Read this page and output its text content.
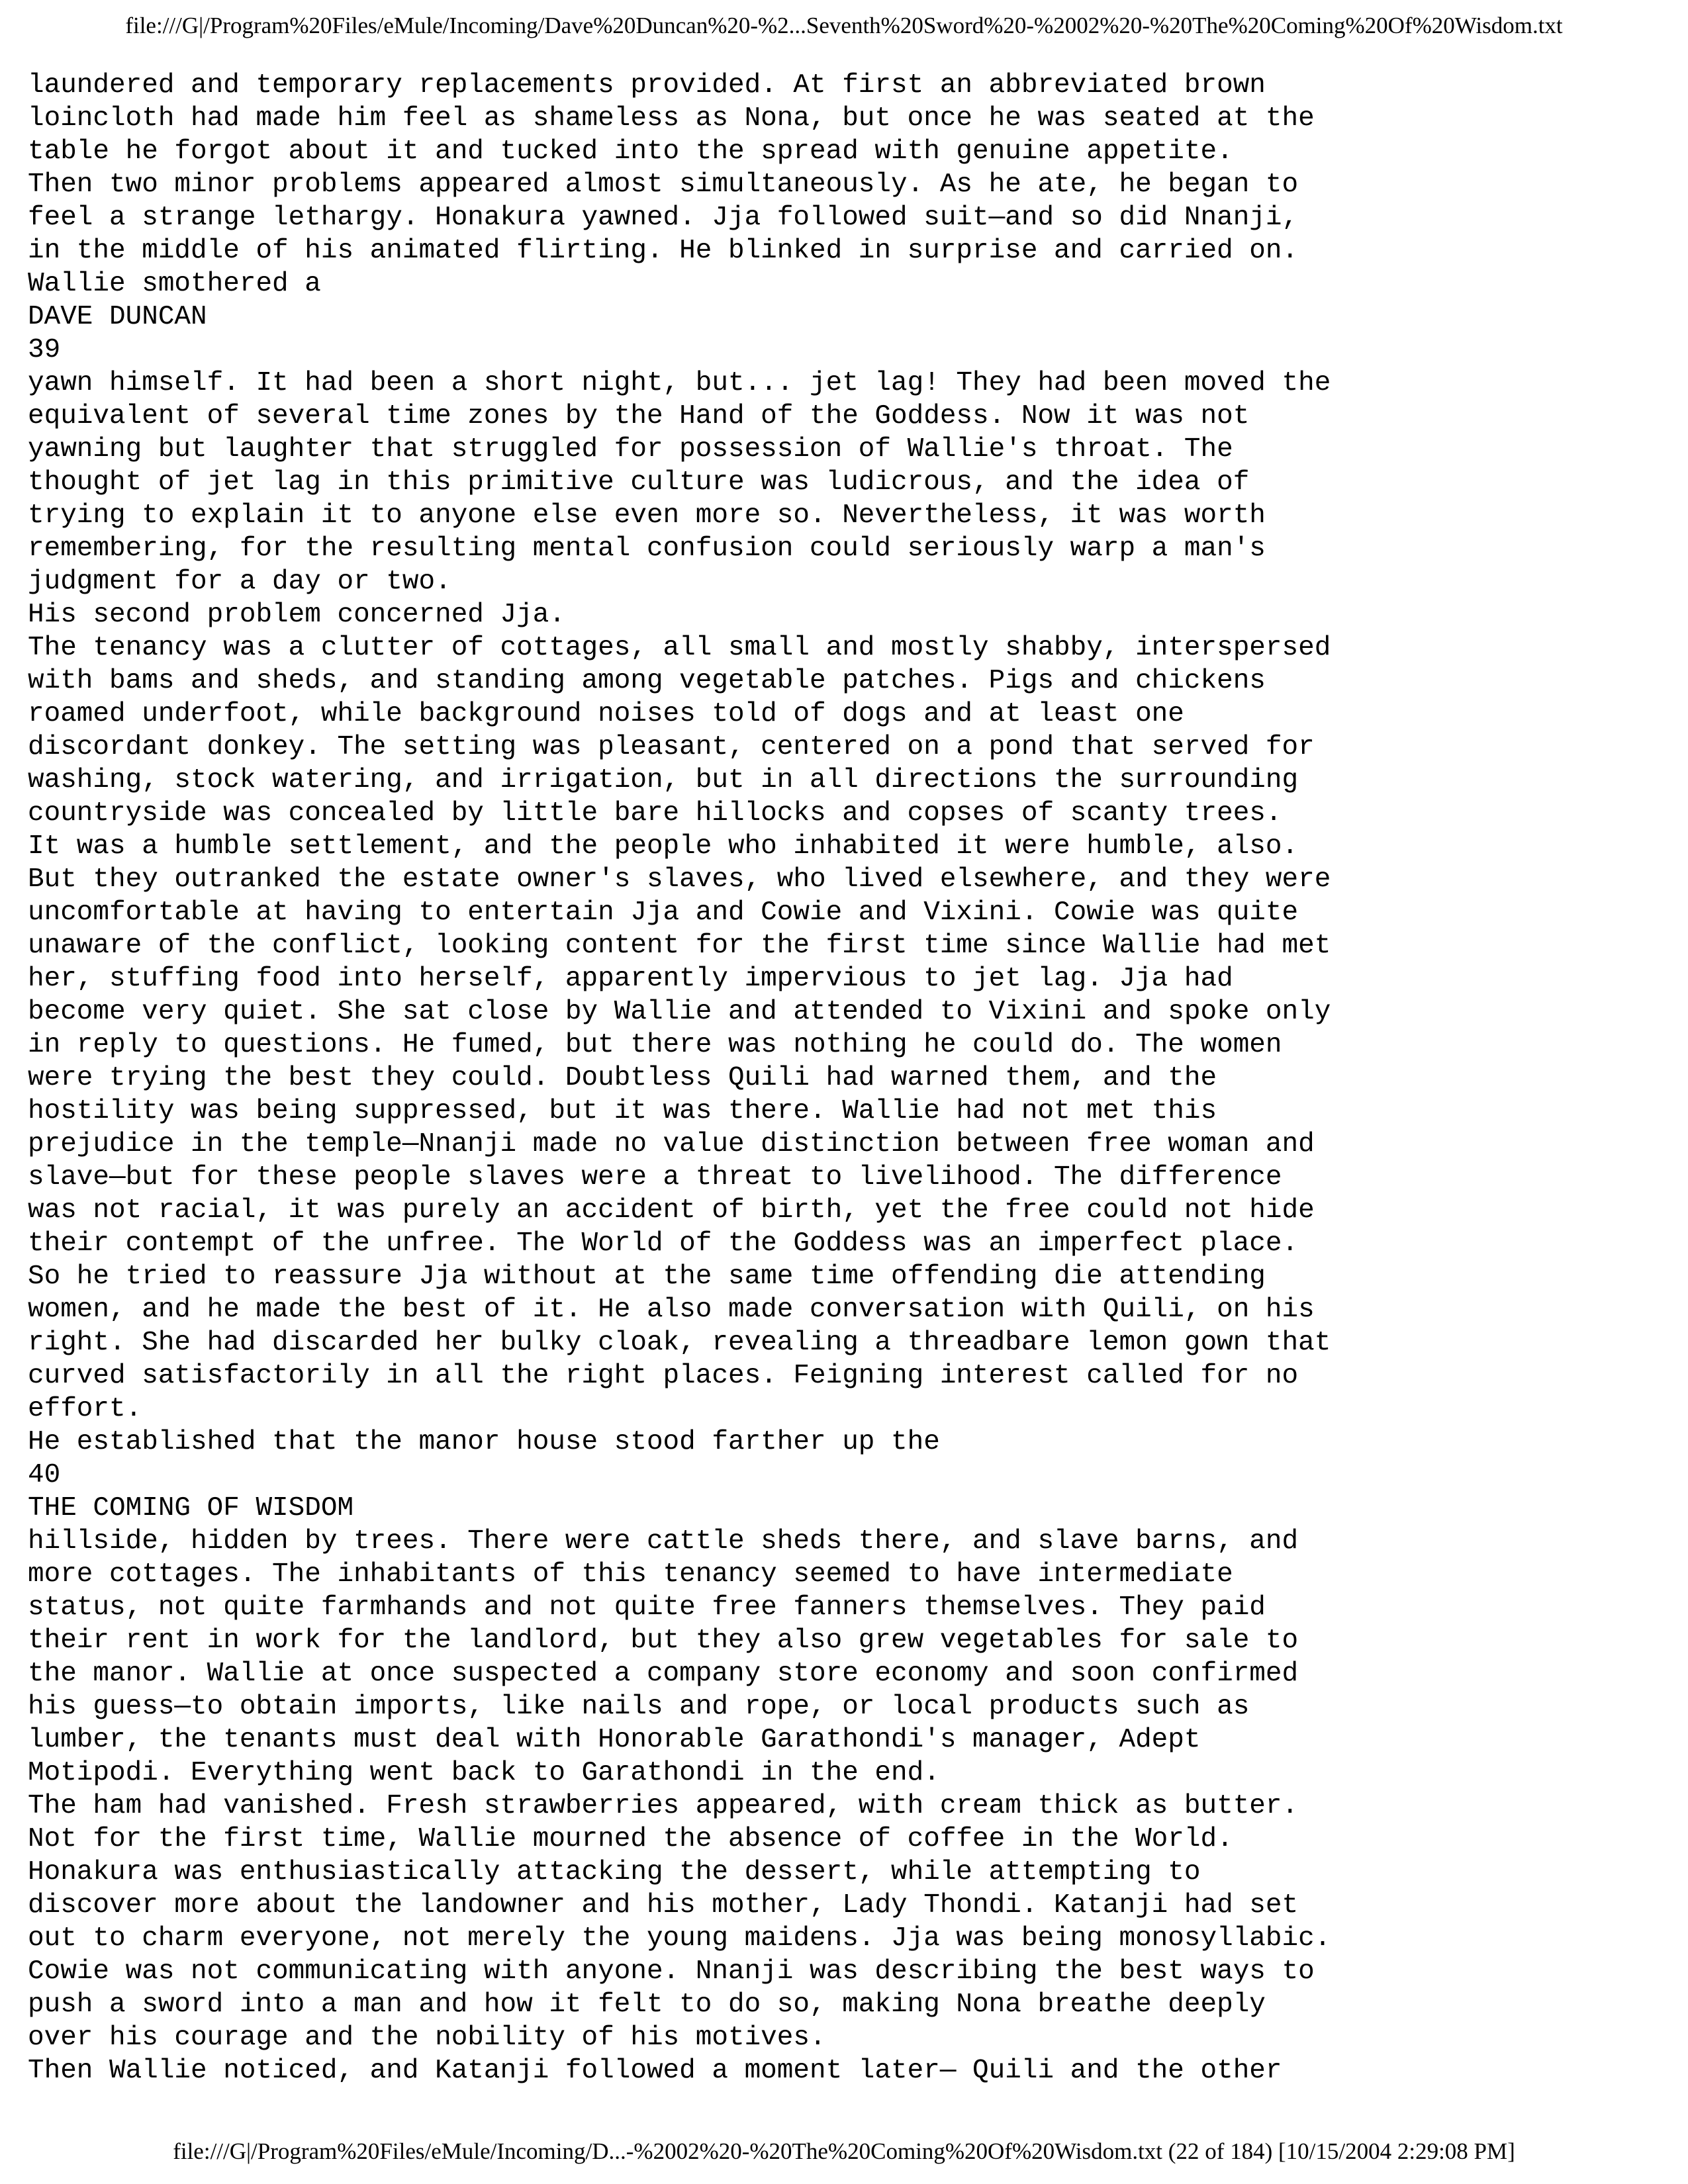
file:///G|/Program%20Files/eMule/Incoming/Dave%20Duncan%20-%2...Seventh%20Sword%20-%2002%20-%20The%20Coming%20Of%20Wisdom.txt
laundered and temporary replacements provided. At first an abbreviated brown
loincloth had made him feel as shameless as Nona, but once he was seated at the
table he forgot about it and tucked into the spread with genuine appetite.
Then two minor problems appeared almost simultaneously. As he ate, he began to
feel a strange lethargy. Honakura yawned. Jja followed suit—and so did Nnanji,
in the middle of his animated flirting. He blinked in surprise and carried on.
Wallie smothered a
DAVE DUNCAN
39
yawn himself. It had been a short night, but... jet lag! They had been moved the
equivalent of several time zones by the Hand of the Goddess. Now it was not
yawning but laughter that struggled for possession of Wallie's throat. The
thought of jet lag in this primitive culture was ludicrous, and the idea of
trying to explain it to anyone else even more so. Nevertheless, it was worth
remembering, for the resulting mental confusion could seriously warp a man's
judgment for a day or two.
His second problem concerned Jja.
The tenancy was a clutter of cottages, all small and mostly shabby, interspersed
with bams and sheds, and standing among vegetable patches. Pigs and chickens
roamed underfoot, while background noises told of dogs and at least one
discordant donkey. The setting was pleasant, centered on a pond that served for
washing, stock watering, and irrigation, but in all directions the surrounding
countryside was concealed by little bare hillocks and copses of scanty trees.
It was a humble settlement, and the people who inhabited it were humble, also.
But they outranked the estate owner's slaves, who lived elsewhere, and they were
uncomfortable at having to entertain Jja and Cowie and Vixini. Cowie was quite
unaware of the conflict, looking content for the first time since Wallie had met
her, stuffing food into herself, apparently impervious to jet lag. Jja had
become very quiet. She sat close by Wallie and attended to Vixini and spoke only
in reply to questions. He fumed, but there was nothing he could do. The women
were trying the best they could. Doubtless Quili had warned them, and the
hostility was being suppressed, but it was there. Wallie had not met this
prejudice in the temple—Nnanji made no value distinction between free woman and
slave—but for these people slaves were a threat to livelihood. The difference
was not racial, it was purely an accident of birth, yet the free could not hide
their contempt of the unfree. The World of the Goddess was an imperfect place.
So he tried to reassure Jja without at the same time offending die attending
women, and he made the best of it. He also made conversation with Quili, on his
right. She had discarded her bulky cloak, revealing a threadbare lemon gown that
curved satisfactorily in all the right places. Feigning interest called for no
effort.
He established that the manor house stood farther up the
40
THE COMING OF WISDOM
hillside, hidden by trees. There were cattle sheds there, and slave barns, and
more cottages. The inhabitants of this tenancy seemed to have intermediate
status, not quite farmhands and not quite free fanners themselves. They paid
their rent in work for the landlord, but they also grew vegetables for sale to
the manor. Wallie at once suspected a company store economy and soon confirmed
his guess—to obtain imports, like nails and rope, or local products such as
lumber, the tenants must deal with Honorable Garathondi's manager, Adept
Motipodi. Everything went back to Garathondi in the end.
The ham had vanished. Fresh strawberries appeared, with cream thick as butter.
Not for the first time, Wallie mourned the absence of coffee in the World.
Honakura was enthusiastically attacking the dessert, while attempting to
discover more about the landowner and his mother, Lady Thondi. Katanji had set
out to charm everyone, not merely the young maidens. Jja was being monosyllabic.
Cowie was not communicating with anyone. Nnanji was describing the best ways to
push a sword into a man and how it felt to do so, making Nona breathe deeply
over his courage and the nobility of his motives.
Then Wallie noticed, and Katanji followed a moment later— Quili and the other
file:///G|/Program%20Files/eMule/Incoming/D...-%2002%20-%20The%20Coming%20Of%20Wisdom.txt (22 of 184) [10/15/2004 2:29:08 PM]
